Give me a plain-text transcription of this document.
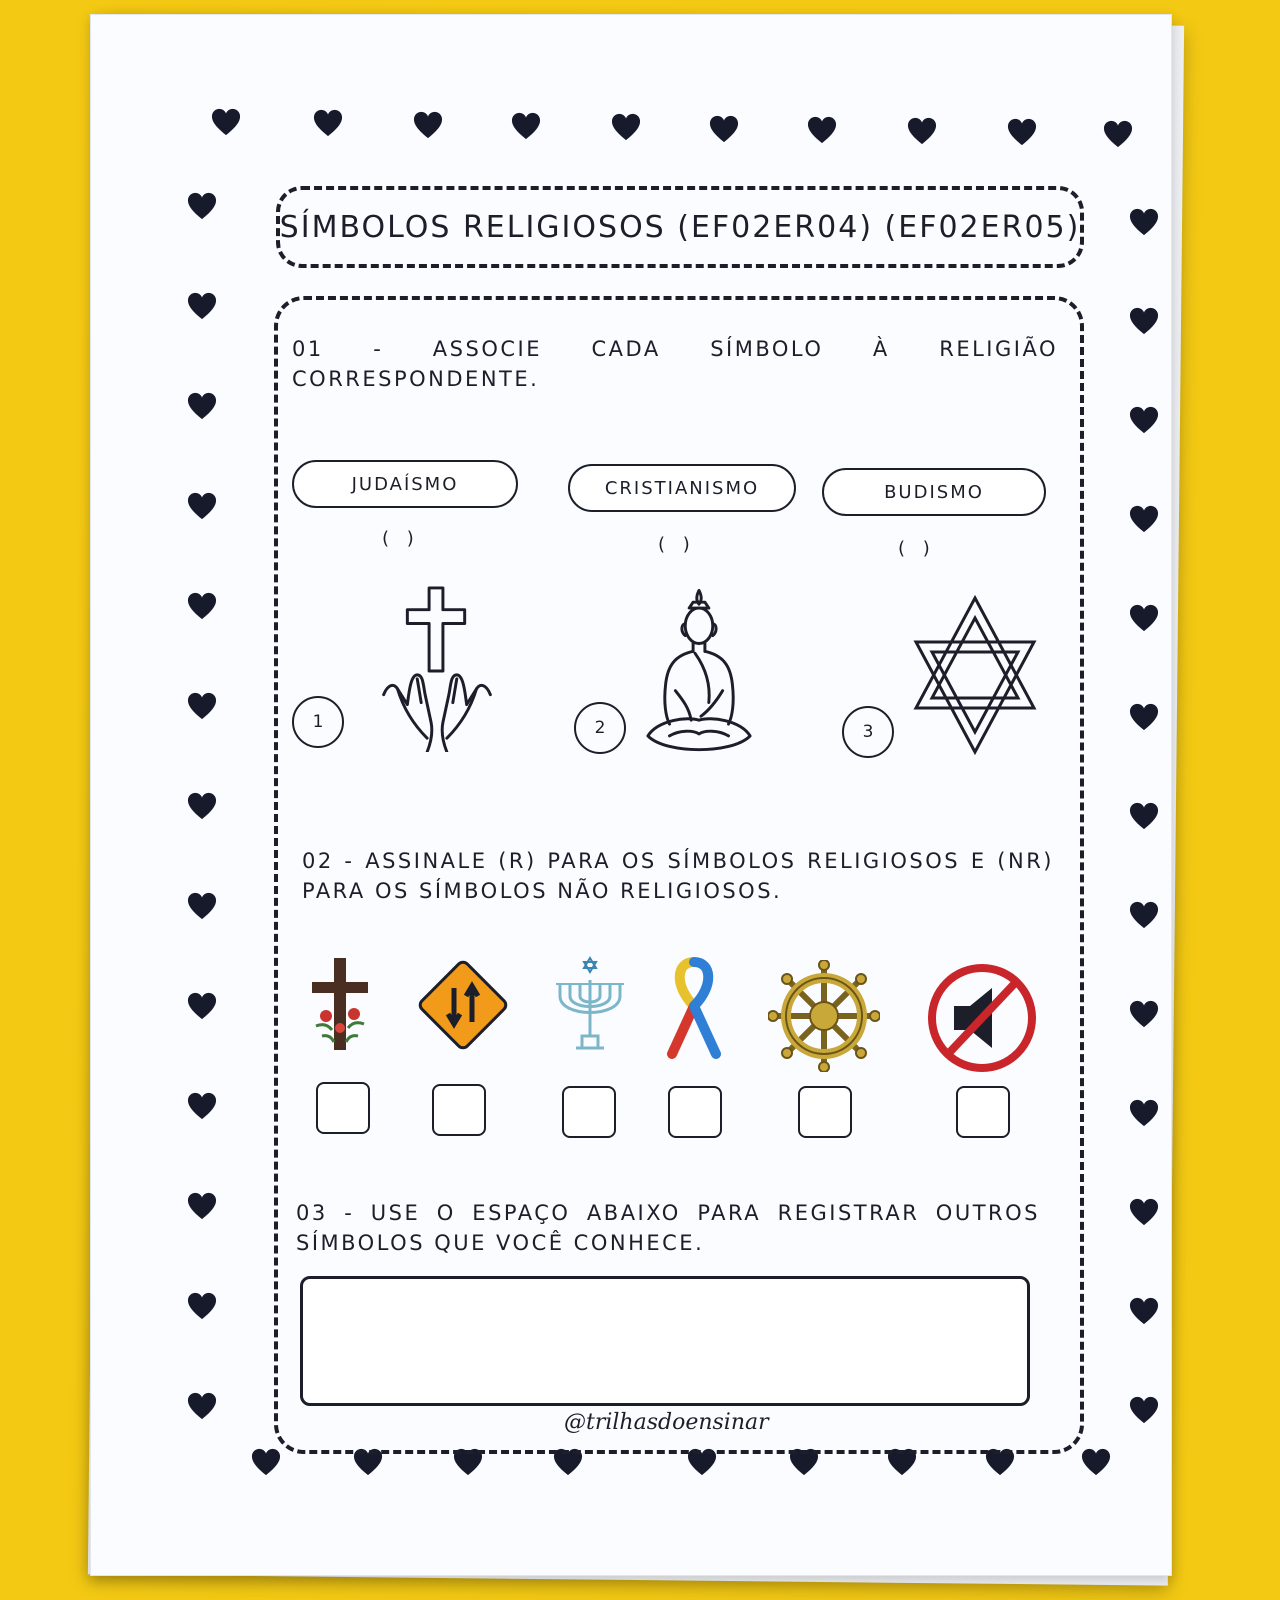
SÍMBOLOS RELIGIOSOS (EF02ER04) (EF02ER05)
01 - ASSOCIE CADA SÍMBOLO À RELIGIÃO CORRESPONDENTE.
JUDAÍSMO	CRISTIANISMO	BUDISMO
( )	( )	( )
1	2	3
02 - ASSINALE (R) PARA OS SÍMBOLOS RELIGIOSOS E (NR) PARA OS SÍMBOLOS NÃO RELIGIOSOS.
03 - USE O ESPAÇO ABAIXO PARA REGISTRAR OUTROS SÍMBOLOS QUE VOCÊ CONHECE.
@trilhasdoensinar
